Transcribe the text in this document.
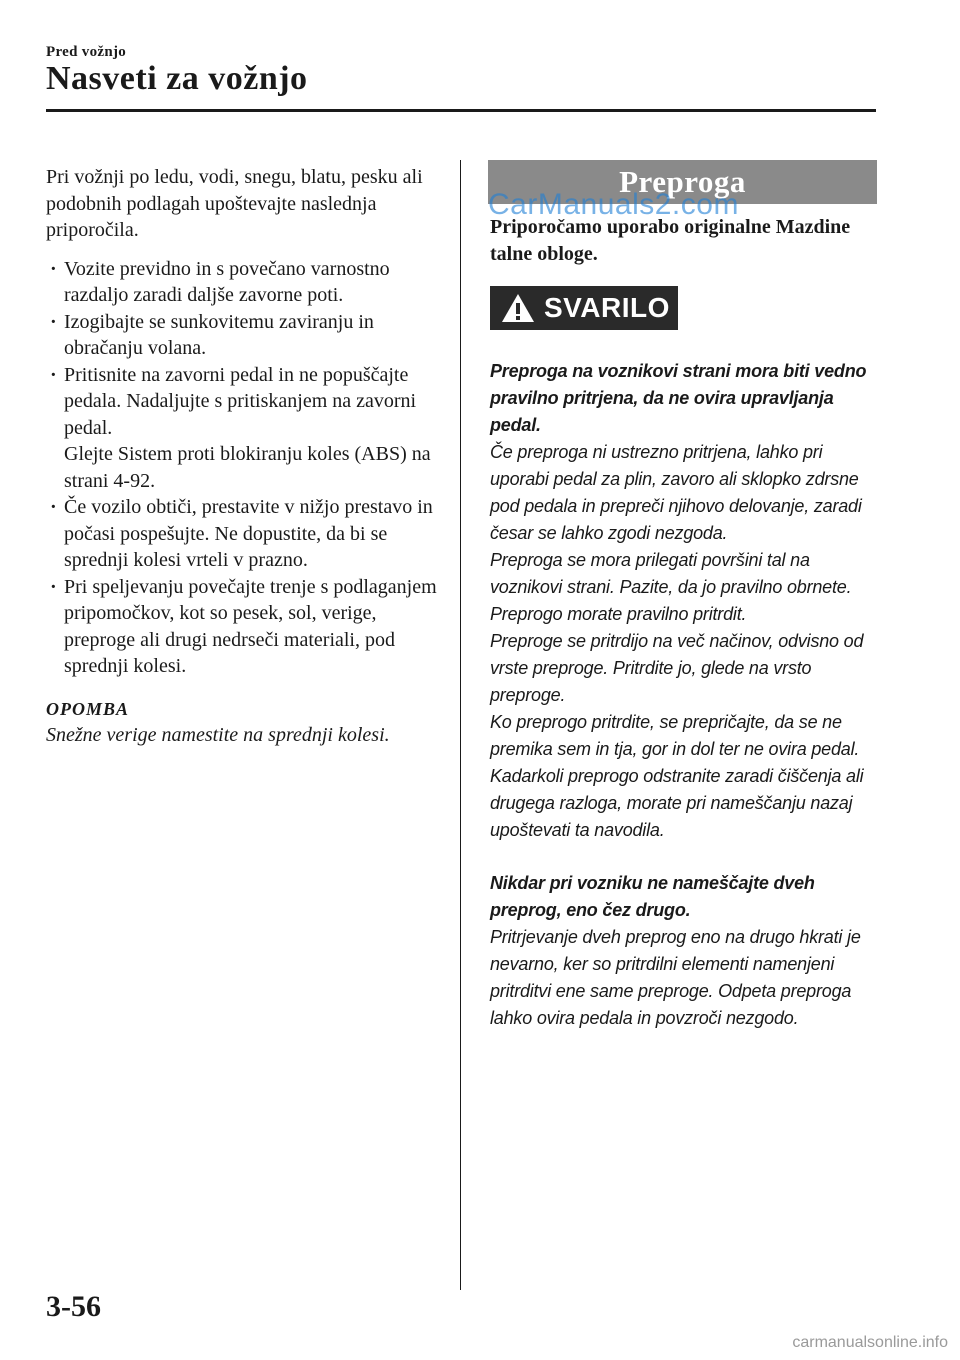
Pred vožnjo
Nasveti za vožnjo

Pri vožnji po ledu, vodi, snegu, blatu, pesku ali podobnih podlagah upoštevajte naslednja priporočila.

· Vozite previdno in s povečano varnostno razdaljo zaradi daljše zavorne poti.
· Izogibajte se sunkovitemu zaviranju in obračanju volana.
· Pritisnite na zavorni pedal in ne popuščajte pedala. Nadaljujte s pritiskanjem na zavorni pedal.
Glejte Sistem proti blokiranju koles (ABS) na strani 4-92.
· Če vozilo obtiči, prestavite v nižjo prestavo in počasi pospešujte. Ne dopustite, da bi se sprednji kolesi vrteli v prazno.
· Pri speljevanju povečajte trenje s podlaganjem pripomočkov, kot so pesek, sol, verige, preproge ali drugi nedrseči materiali, pod sprednji kolesi.

OPOMBA

Snežne verige namestite na sprednji kolesi.

Preproga

Priporočamo uporabo originalne Mazdine talne obloge.

SVARILO

Preproga na voznikovi strani mora biti vedno pravilno pritrjena, da ne ovira upravljanja pedal.

Če preproga ni ustrezno pritrjena, lahko pri uporabi pedal za plin, zavoro ali sklopko zdrsne pod pedala in prepreči njihovo delovanje, zaradi česar se lahko zgodi nezgoda.

Preproga se mora prilegati površini tal na voznikovi strani. Pazite, da jo pravilno obrnete.

Preprogo morate pravilno pritrdit.

Preproge se pritrdijo na več načinov, odvisno od vrste preproge. Pritrdite jo, glede na vrsto preproge.

Ko preprogo pritrdite, se prepričajte, da se ne premika sem in tja, gor in dol ter ne ovira pedal.

Kadarkoli preprogo odstranite zaradi čiščenja ali drugega razloga, morate pri nameščanju nazaj upoštevati ta navodila.

Nikdar pri vozniku ne nameščajte dveh preprog, eno čez drugo.

Pritrjevanje dveh preprog eno na drugo hkrati je nevarno, ker so pritrdilni elementi namenjeni pritrditvi ene same preproge. Odpeta preproga lahko ovira pedala in povzroči nezgodo.

CarManuals2.com
3-56
carmanualsonline.info
